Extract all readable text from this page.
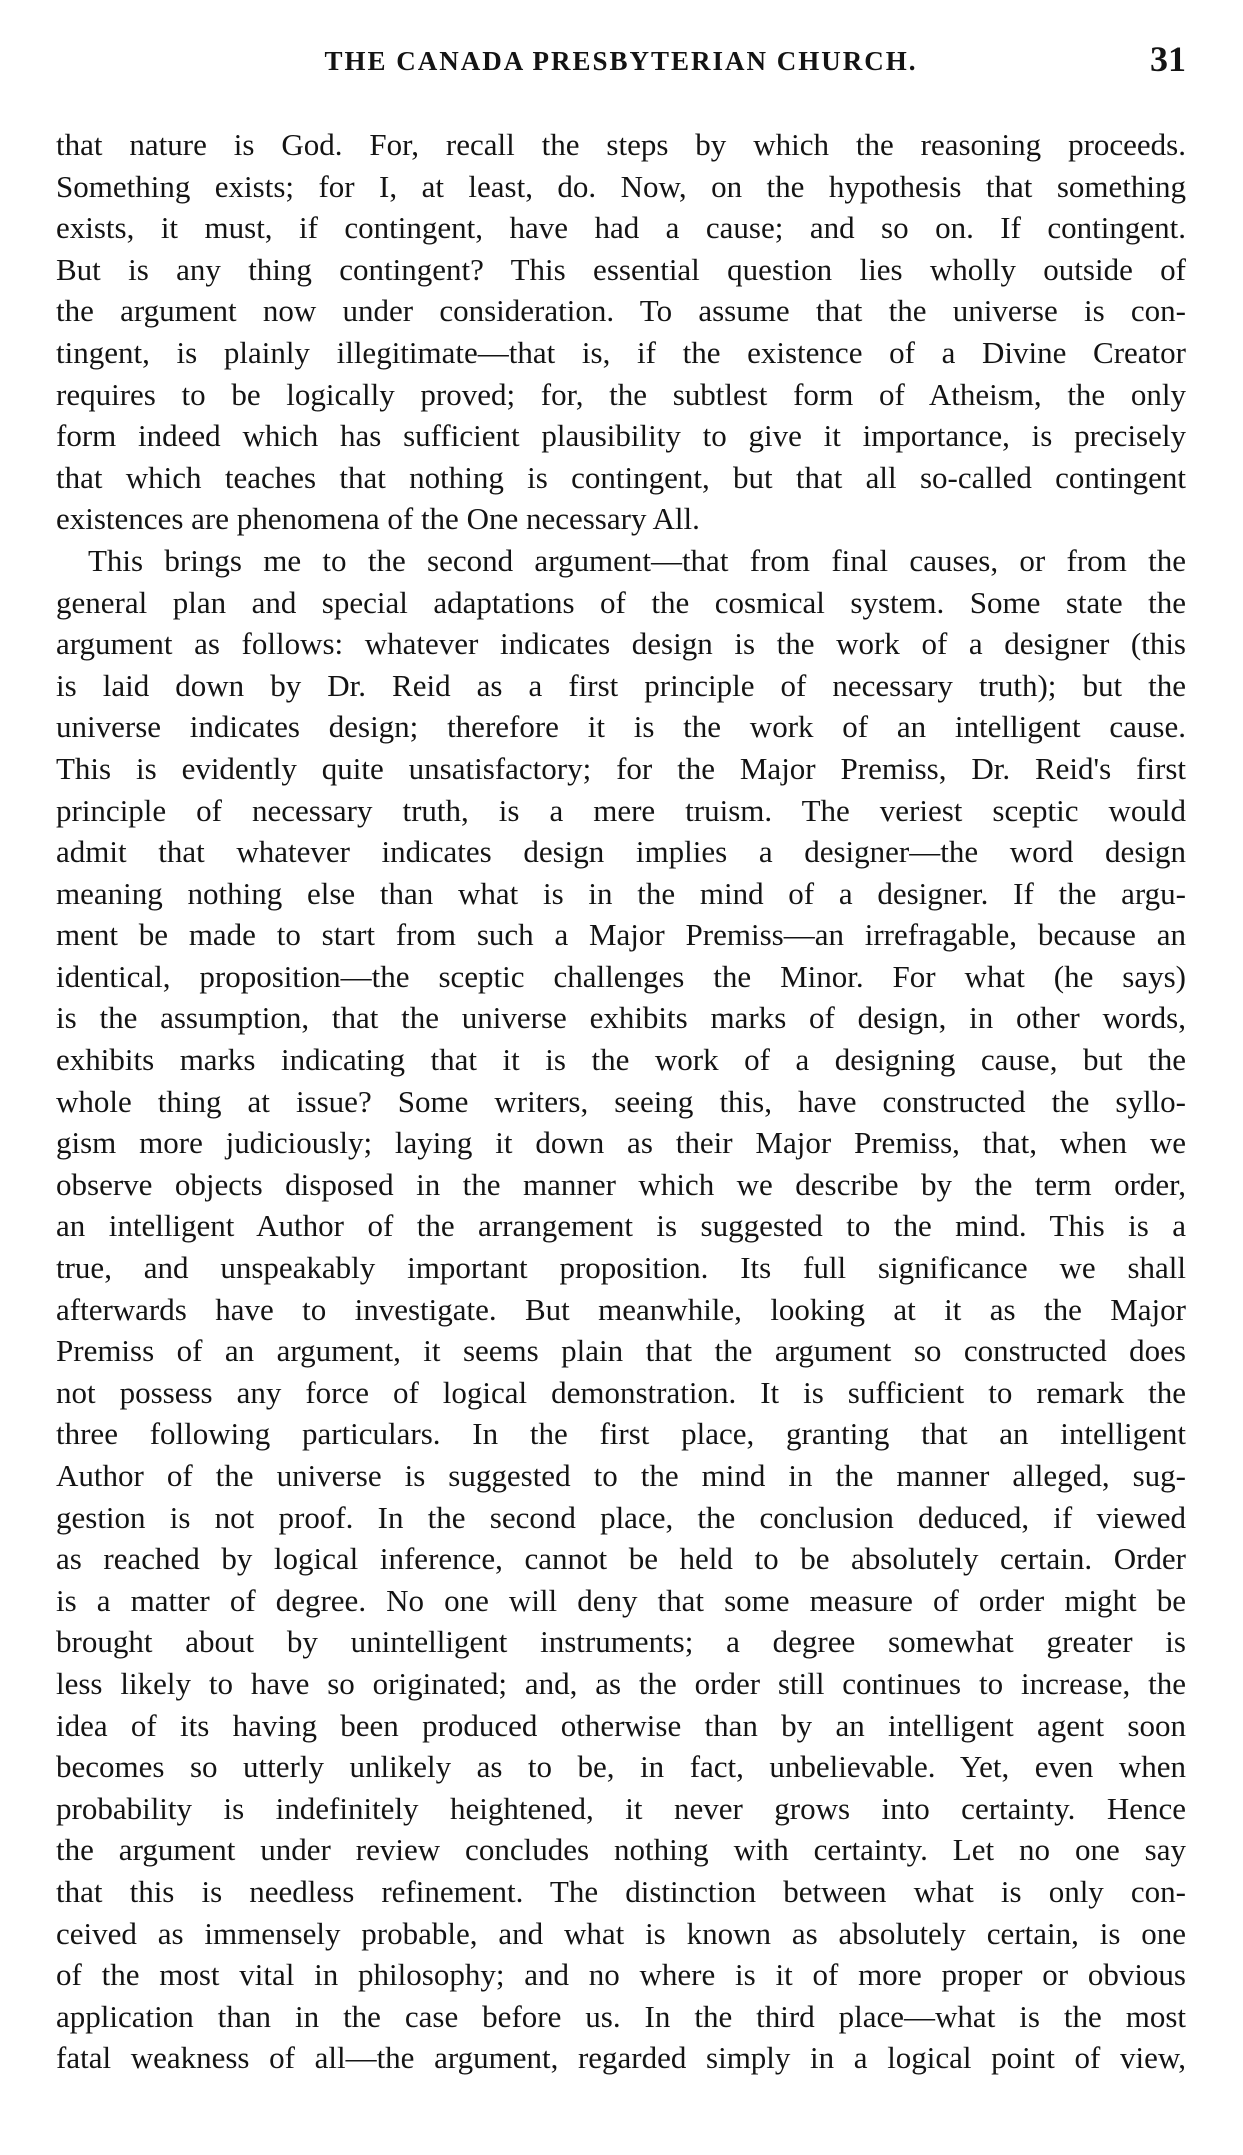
THE CANADA PRESBYTERIAN CHURCH.	31

that nature is God. For, recall the steps by which the reasoning proceeds.
Something exists; for I, at least, do. Now, on the hypothesis that something
exists, it must, if contingent, have had a cause; and so on. If contingent.
But is any thing contingent? This essential question lies wholly outside of
the argument now under consideration. To assume that the universe is con-
tingent, is plainly illegitimate—that is, if the existence of a Divine Creator
requires to be logically proved; for, the subtlest form of Atheism, the only
form indeed which has sufficient plausibility to give it importance, is precisely
that which teaches that nothing is contingent, but that all so-called contingent
existences are phenomena of the One necessary All.

This brings me to the second argument—that from final causes, or from the
general plan and special adaptations of the cosmical system. Some state the
argument as follows: whatever indicates design is the work of a designer (this
is laid down by Dr. Reid as a first principle of necessary truth); but the
universe indicates design; therefore it is the work of an intelligent cause.
This is evidently quite unsatisfactory; for the Major Premiss, Dr. Reid's first
principle of necessary truth, is a mere truism. The veriest sceptic would
admit that whatever indicates design implies a designer—the word design
meaning nothing else than what is in the mind of a designer. If the argu-
ment be made to start from such a Major Premiss—an irrefragable, because an
identical, proposition—the sceptic challenges the Minor. For what (he says)
is the assumption, that the universe exhibits marks of design, in other words,
exhibits marks indicating that it is the work of a designing cause, but the
whole thing at issue? Some writers, seeing this, have constructed the syllo-
gism more judiciously; laying it down as their Major Premiss, that, when we
observe objects disposed in the manner which we describe by the term order,
an intelligent Author of the arrangement is suggested to the mind. This is a
true, and unspeakably important proposition. Its full significance we shall
afterwards have to investigate. But meanwhile, looking at it as the Major
Premiss of an argument, it seems plain that the argument so constructed does
not possess any force of logical demonstration. It is sufficient to remark the
three following particulars. In the first place, granting that an intelligent
Author of the universe is suggested to the mind in the manner alleged, sug-
gestion is not proof. In the second place, the conclusion deduced, if viewed
as reached by logical inference, cannot be held to be absolutely certain. Order
is a matter of degree. No one will deny that some measure of order might be
brought about by unintelligent instruments; a degree somewhat greater is
less likely to have so originated; and, as the order still continues to increase, the
idea of its having been produced otherwise than by an intelligent agent soon
becomes so utterly unlikely as to be, in fact, unbelievable. Yet, even when
probability is indefinitely heightened, it never grows into certainty. Hence
the argument under review concludes nothing with certainty. Let no one say
that this is needless refinement. The distinction between what is only con-
ceived as immensely probable, and what is known as absolutely certain, is one
of the most vital in philosophy; and no where is it of more proper or obvious
application than in the case before us. In the third place—what is the most
fatal weakness of all—the argument, regarded simply in a logical point of view,
